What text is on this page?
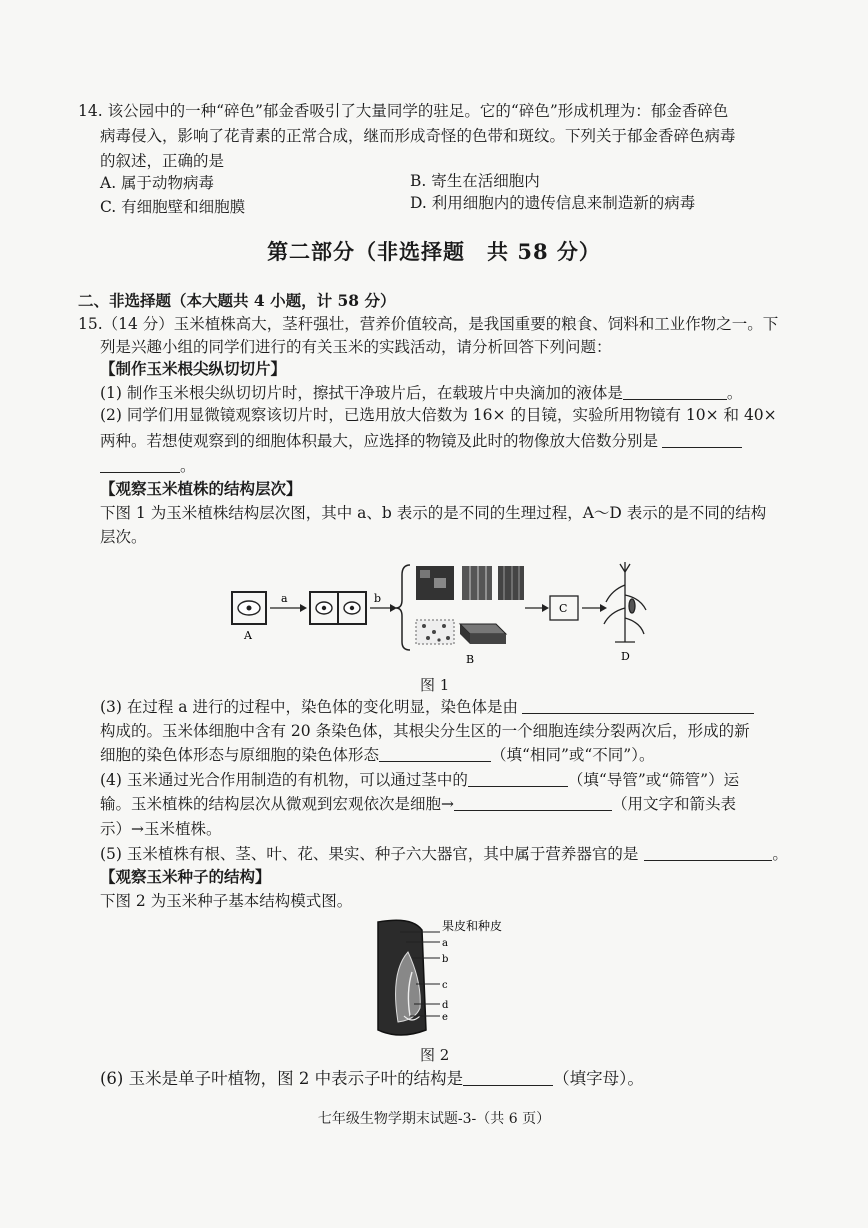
14. 该公园中的一种“碎色”郁金香吸引了大量同学的驻足。它的“碎色”形成机理为：郁金香碎色
病毒侵入，影响了花青素的正常合成，继而形成奇怪的色带和斑纹。下列关于郁金香碎色病毒
的叙述，正确的是
A. 属于动物病毒	B. 寄生在活细胞内
C. 有细胞壁和细胞膜	D. 利用细胞内的遗传信息来制造新的病毒
第二部分（非选择题　共 58 分）
二、非选择题（本大题共 4 小题，计 58 分）
15.（14 分）玉米植株高大，茎秆强壮，营养价值较高，是我国重要的粮食、饲料和工业作物之一。下
列是兴趣小组的同学们进行的有关玉米的实践活动，请分析回答下列问题：
【制作玉米根尖纵切切片】
(1) 制作玉米根尖纵切切片时，擦拭干净玻片后，在载玻片中央滴加的液体是	。
(2) 同学们用显微镜观察该切片时，已选用放大倍数为 16× 的目镜，实验所用物镜有 10× 和 40×
两种。若想使观察到的细胞体积最大，应选择的物镜及此时的物像放大倍数分别是
。
【观察玉米植株的结构层次】
下图 1 为玉米植株结构层次图，其中 a、b 表示的是不同的生理过程，A～D 表示的是不同的结构
层次。
A
a	b
B
C
D
图 1
(3) 在过程 a 进行的过程中，染色体的变化明显，染色体是由
构成的。玉米体细胞中含有 20 条染色体，其根尖分生区的一个细胞连续分裂两次后，形成的新
细胞的染色体形态与原细胞的染色体形态	（填“相同”或“不同”）。
(4) 玉米通过光合作用制造的有机物，可以通过茎中的	（填“导管”或“筛管”）运
输。玉米植株的结构层次从微观到宏观依次是细胞→	（用文字和箭头表
示）→玉米植株。
(5) 玉米植株有根、茎、叶、花、果实、种子六大器官，其中属于营养器官的是	。
【观察玉米种子的结构】
下图 2 为玉米种子基本结构模式图。
果皮和种皮
a
b
c
d
e
图 2
(6) 玉米是单子叶植物，图 2 中表示子叶的结构是	（填字母）。
七年级生物学期末试题-3-（共 6 页）
